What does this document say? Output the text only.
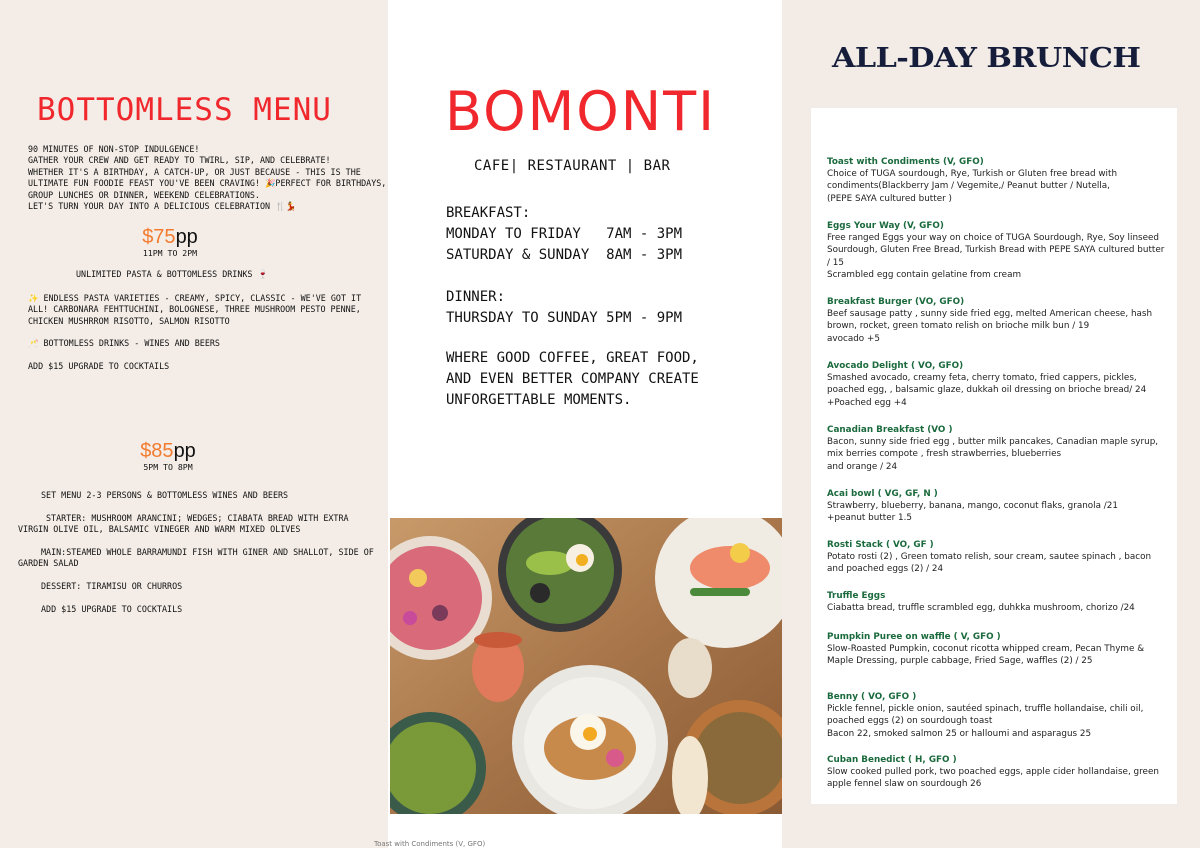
BOTTOMLESS MENU

90 MINUTES OF NON-STOP INDULGENCE!
GATHER YOUR CREW AND GET READY TO TWIRL, SIP, AND CELEBRATE!
WHETHER IT'S A BIRTHDAY, A CATCH-UP, OR JUST BECAUSE - THIS IS THE ULTIMATE FUN FOODIE FEAST YOU'VE BEEN CRAVING! 🎉PERFECT FOR BIRTHDAYS, GROUP LUNCHES OR DINNER, WEEKEND CELEBRATIONS.
LET'S TURN YOUR DAY INTO A DELICIOUS CELEBRATION 🍴💃

$75pp
11PM TO 2PM

UNLIMITED PASTA & BOTTOMLESS DRINKS 🍷

✨ ENDLESS PASTA VARIETIES - CREAMY, SPICY, CLASSIC - WE'VE GOT IT ALL! CARBONARA FEHTTUCHINI, BOLOGNESE, THREE MUSHROOM PESTO PENNE, CHICKEN MUSHRROM RISOTTO, SALMON RISOTTO

🥂 BOTTOMLESS DRINKS - WINES AND BEERS

ADD $15 UPGRADE TO COCKTAILS

$85pp
5PM TO 8PM

SET MENU 2-3 PERSONS & BOTTOMLESS WINES AND BEERS

STARTER: MUSHROOM ARANCINI; WEDGES; CIABATA BREAD WITH EXTRA VIRGIN OLIVE OIL, BALSAMIC VINEGER AND WARM MIXED OLIVES

MAIN:STEAMED WHOLE BARRAMUNDI FISH WITH GINER AND SHALLOT, SIDE OF GARDEN SALAD

DESSERT: TIRAMISU OR CHURROS

ADD $15 UPGRADE TO COCKTAILS

BOMONTI
CAFE| RESTAURANT | BAR

BREAKFAST:
MONDAY TO FRIDAY   7AM - 3PM
SATURDAY & SUNDAY  8AM - 3PM

DINNER:
THURSDAY TO SUNDAY 5PM - 9PM

WHERE GOOD COFFEE, GREAT FOOD,
AND EVEN BETTER COMPANY CREATE
UNFORGETTABLE MOMENTS.

ALL-DAY BRUNCH
Toast with Condiments (V, GFO)
Choice of TUGA sourdough, Rye, Turkish or Gluten free bread with condiments(Blackberry Jam / Vegemite,/ Peanut butter / Nutella,
(PEPE SAYA cultured butter )
Eggs Your Way (V, GFO)
Free ranged Eggs your way on choice of TUGA Sourdough, Rye, Soy linseed Sourdough, Gluten Free Bread, Turkish Bread with PEPE SAYA cultured butter / 15
Scrambled egg contain gelatine from cream
Breakfast Burger (VO, GFO)
Beef sausage patty , sunny side fried egg, melted American cheese, hash brown, rocket, green tomato relish on brioche milk bun / 19
avocado +5
Avocado Delight ( VO, GFO)
Smashed avocado, creamy feta, cherry tomato, fried cappers, pickles, poached egg, , balsamic glaze, dukkah oil dressing on brioche bread/ 24
+Poached egg +4
Canadian Breakfast (VO )
Bacon, sunny side fried egg , butter milk pancakes, Canadian maple syrup, mix berries compote , fresh strawberries, blueberries
and orange / 24
Acai bowl ( VG, GF, N )
Strawberry, blueberry, banana, mango, coconut flaks, granola /21
+peanut butter 1.5
Rosti Stack ( VO, GF )
Potato rosti (2) , Green tomato relish, sour cream, sautee spinach , bacon and poached eggs (2) / 24
Truffle Eggs
Ciabatta bread, truffle scrambled egg, duhkka mushroom, chorizo /24
Pumpkin Puree on waffle ( V, GFO )
Slow-Roasted Pumpkin, coconut ricotta whipped cream, Pecan Thyme & Maple Dressing, purple cabbage, Fried Sage, waffles (2) / 25
Benny ( VO, GFO )
Pickle fennel, pickle onion, sautéed spinach, truffle hollandaise, chili oil, poached eggs (2) on sourdough toast
Bacon 22, smoked salmon 25 or halloumi and asparagus 25
Cuban Benedict ( H, GFO )
Slow cooked pulled pork, two poached eggs, apple cider hollandaise, green apple fennel slaw on sourdough 26
Toast with Condiments (V, GFO)
